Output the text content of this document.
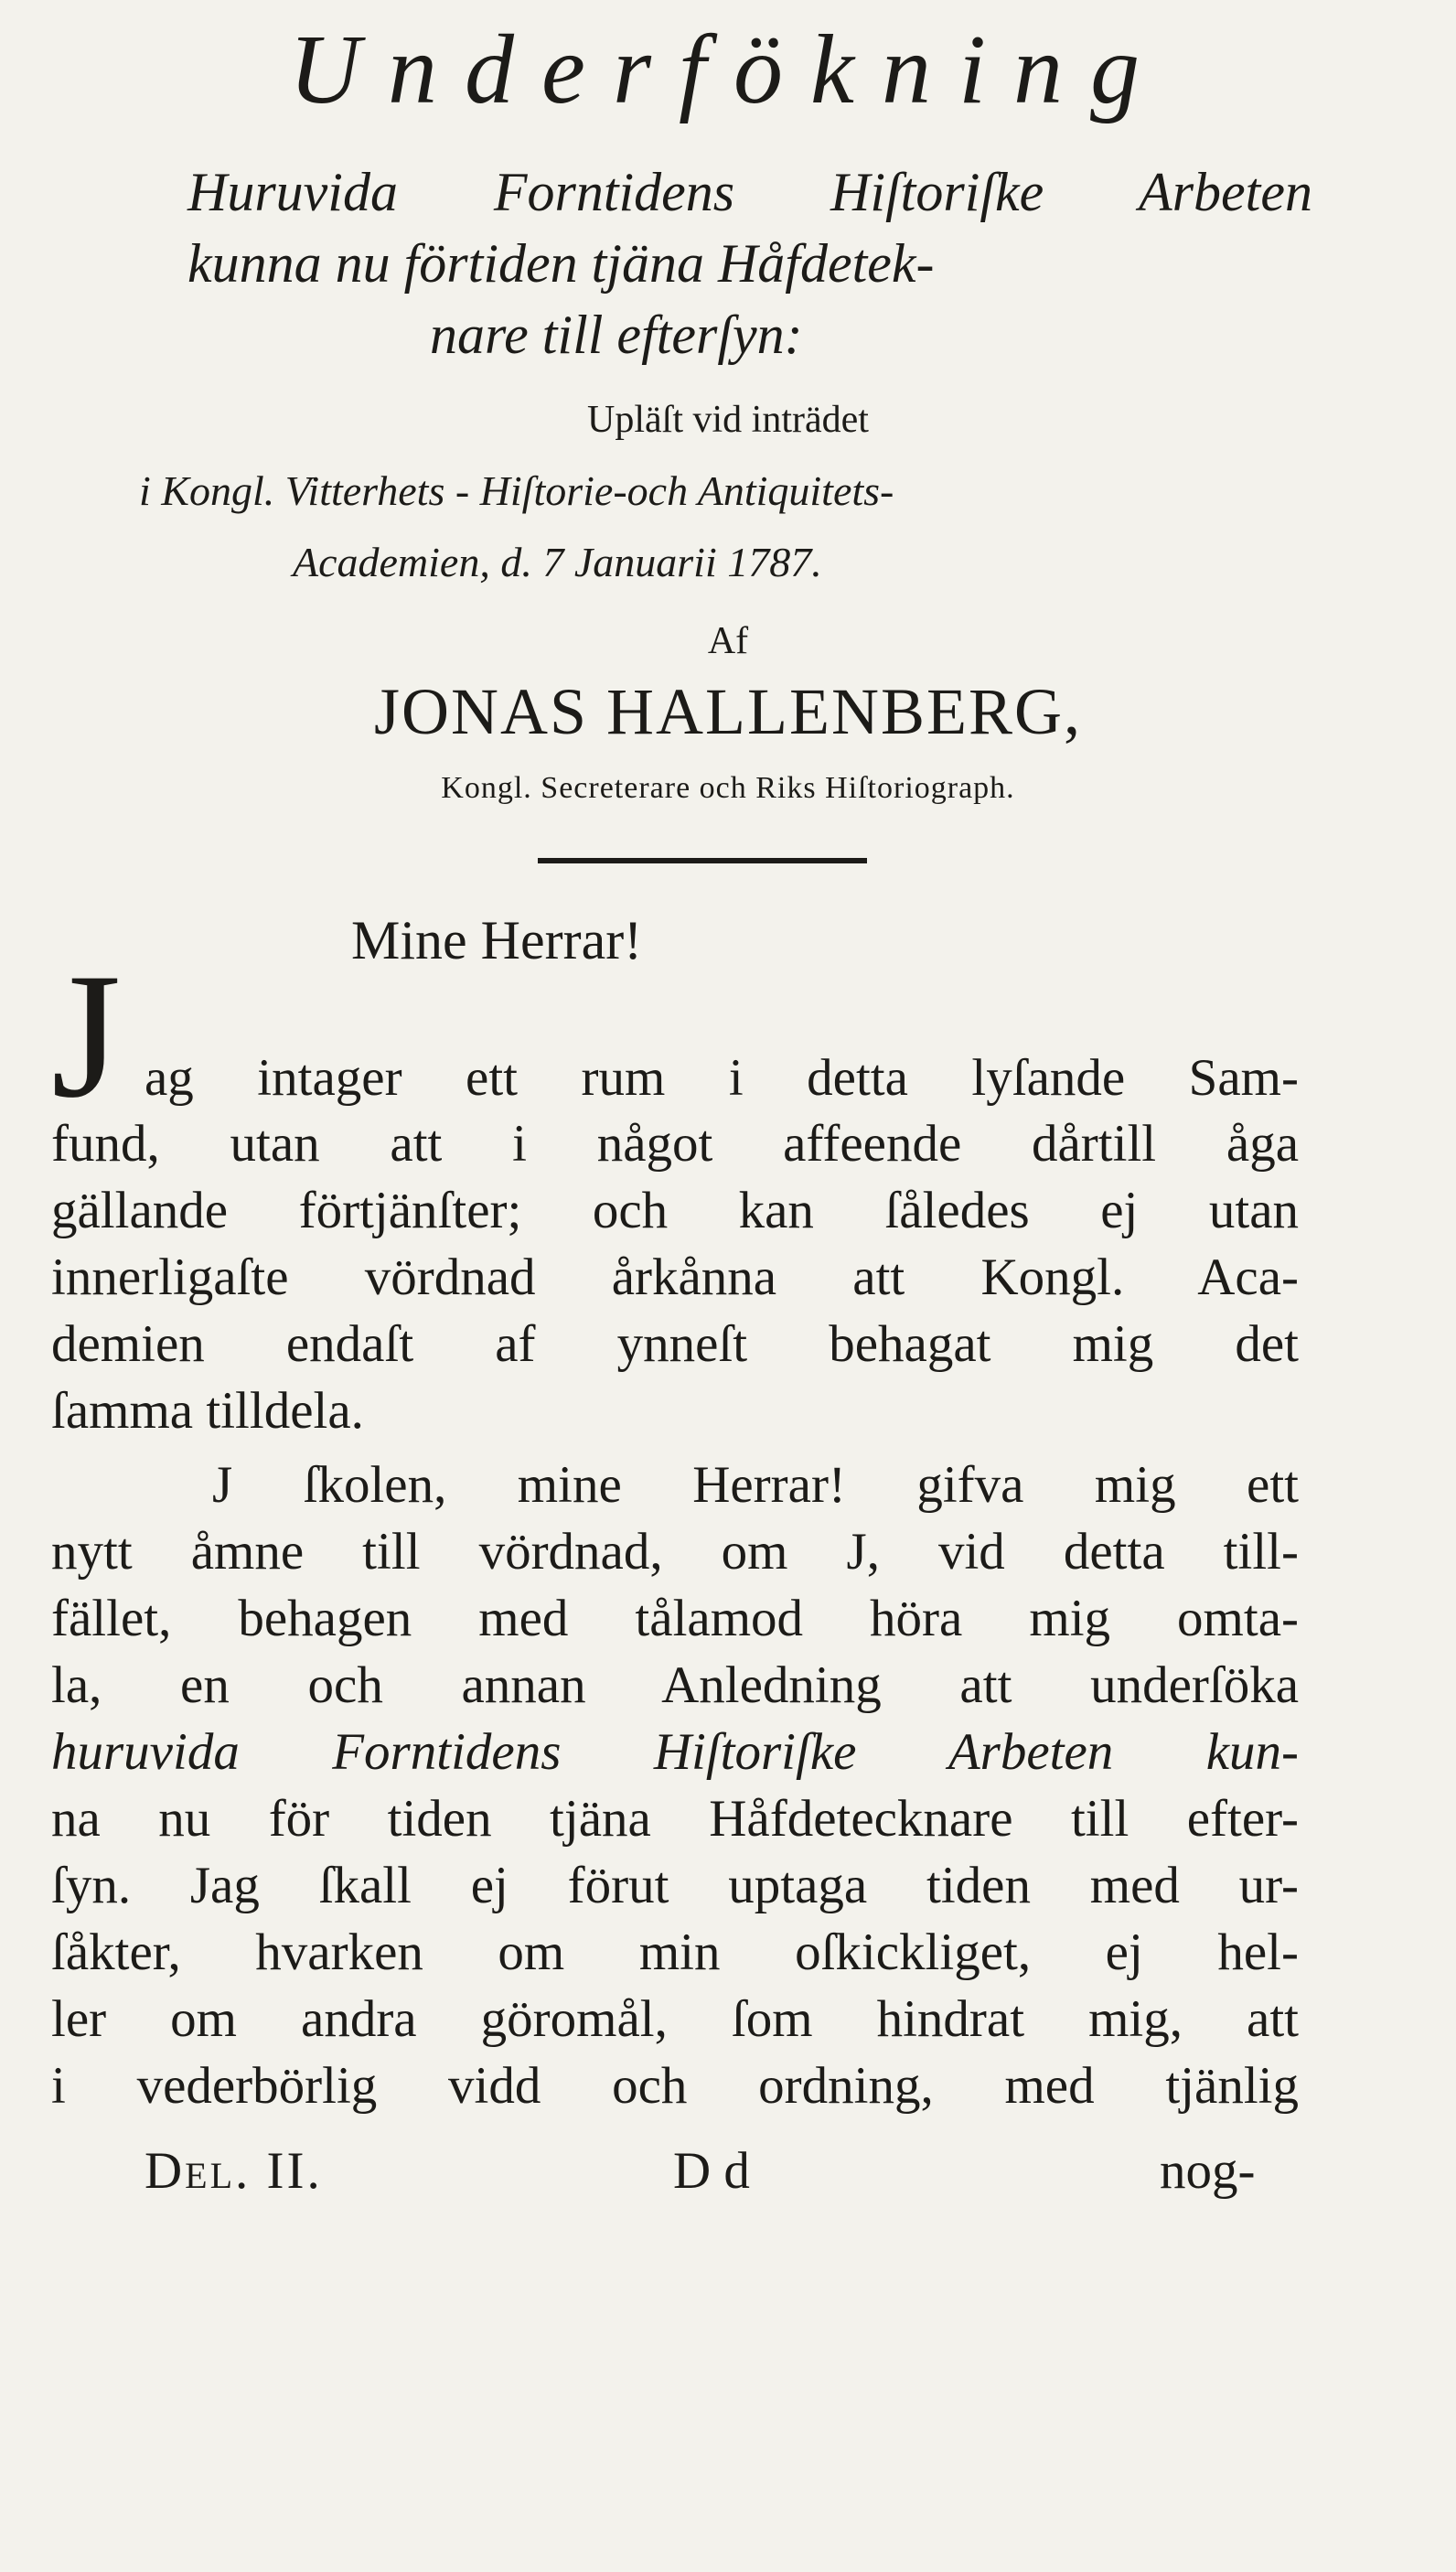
Underfökning
Huruvida Forntidens Hiſtoriſke Arbeten
kunna nu förtiden tjäna Håfdetek-
nare till efterſyn:
Upläſt vid inträdet
i Kongl. Vitterhets - Hiſtorie-och Antiquitets-
Academien, d. 7 Januarii 1787.
Af
JONAS HALLENBERG,
Kongl. Secreterare och Riks Hiſtoriograph.
Mine Herrar!
J ag intager ett rum i detta lyſande Sam-
fund, utan att i något affeende dårtill åga
gällande förtjänſter; och kan ſåledes ej utan
innerligaſte vördnad årkånna att Kongl. Aca-
demien endaſt af ynneſt behagat mig det
ſamma tilldela.
J ſkolen, mine Herrar! gifva mig ett
nytt åmne till vördnad, om J, vid detta till-
fället, behagen med tålamod höra mig omta-
la, en och annan Anledning att underſöka
huruvida Forntidens Hiſtoriſke Arbeten kun-
na nu för tiden tjäna Håfdetecknare till efter-
ſyn. Jag ſkall ej förut uptaga tiden med ur-
ſåkter, hvarken om min oſkickliget, ej hel-
ler om andra göromål, ſom hindrat mig, att
i vederbörlig vidd och ordning, med tjänlig
Del. II.	D d	nog-
